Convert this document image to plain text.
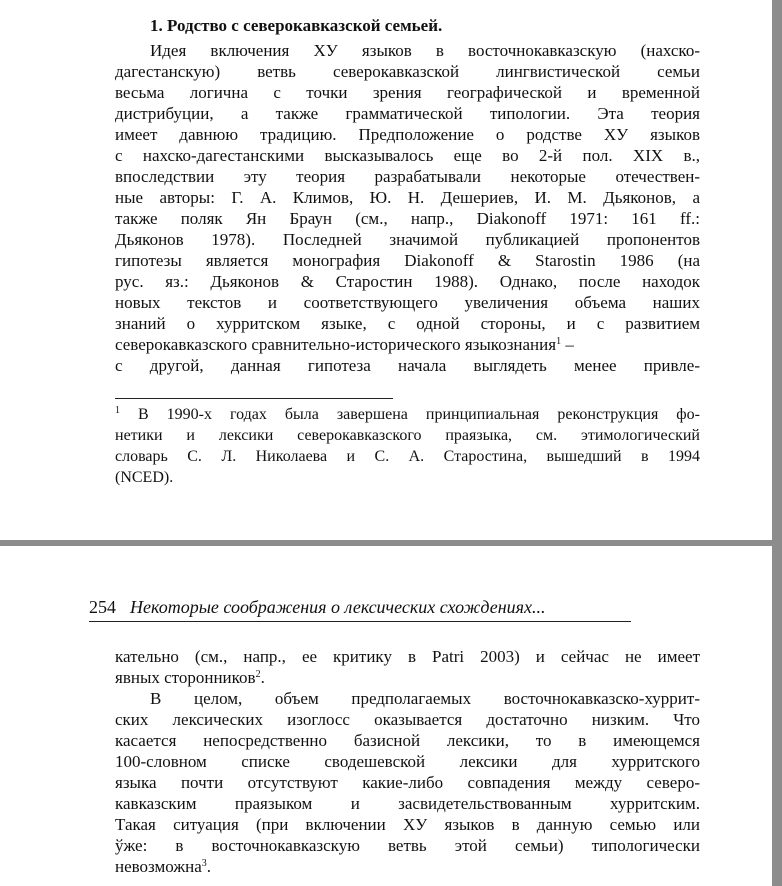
1. Родство с северокавказской семьей.
Идея включения ХУ языков в восточнокавказскую (нахско-
дагестанскую) ветвь северокавказской лингвистической семьи
весьма логична с точки зрения географической и временной
дистрибуции, а также грамматической типологии. Эта теория
имеет давнюю традицию. Предположение о родстве ХУ языков
с нахско-дагестанскими высказывалось еще во 2-й пол. XIX в.,
впоследствии эту теория разрабатывали некоторые отечествен-
ные авторы: Г. А. Климов, Ю. Н. Дешериев, И. М. Дьяконов, а
также поляк Ян Браун (см., напр., Diakonoff 1971: 161 ff.:
Дьяконов 1978). Последней значимой публикацией пропонентов
гипотезы является монография Diakonoff & Starostin 1986 (на
рус. яз.: Дьяконов & Старостин 1988). Однако, после находок
новых текстов и соответствующего увеличения объема наших
знаний о хурритском языке, с одной стороны, и с развитием
северокавказского сравнительно-исторического языкознания$^1$ –
с другой, данная гипотеза начала выглядеть менее привле-
$^1$ В 1990-х годах была завершена принципиальная реконструкция фо-
нетики и лексики северокавказского праязыка, см. этимологический
словарь С. Л. Николаева и С. А. Старостина, вышедший в 1994
(NCED).
254 Некоторые соображения о лексических схождениях...
кательно (см., напр., ее критику в Patri 2003) и сейчас не имеет
явных сторонников$^2$.
В целом, объем предполагаемых восточнокавказско-хуррит-
ских лексических изоглосс оказывается достаточно низким. Что
касается непосредственно базисной лексики, то в имеющемся
100-словном списке сводешевской лексики для хурритского
языка почти отсутствуют какие-либо совпадения между северо-
кавказским праязыком и засвидетельствованным хурритским.
Такая ситуация (при включении ХУ языков в данную семью или
ўже: в восточнокавказскую ветвь этой семьи) типологически
невозможна$^3$.
